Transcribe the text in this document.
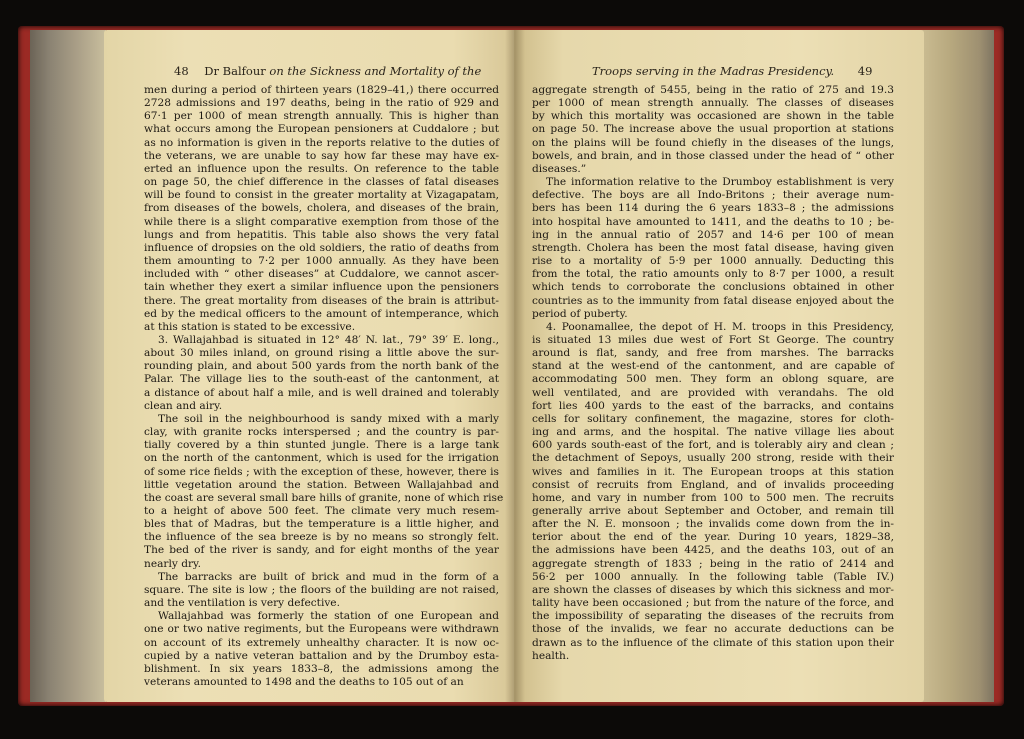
48 Dr Balfour on the Sickness and Mortality of the
men during a period of thirteen years (1829–41,) there occurred
2728 admissions and 197 deaths, being in the ratio of 929 and
67·1 per 1000 of mean strength annually. This is higher than
what occurs among the European pensioners at Cuddalore ; but
as no information is given in the reports relative to the duties of
the veterans, we are unable to say how far these may have ex-
erted an influence upon the results. On reference to the table
on page 50, the chief difference in the classes of fatal diseases
will be found to consist in the greater mortality at Vizagapatam,
from diseases of the bowels, cholera, and diseases of the brain,
while there is a slight comparative exemption from those of the
lungs and from hepatitis. This table also shows the very fatal
influence of dropsies on the old soldiers, the ratio of deaths from
them amounting to 7·2 per 1000 annually. As they have been
included with “ other diseases” at Cuddalore, we cannot ascer-
tain whether they exert a similar influence upon the pensioners
there. The great mortality from diseases of the brain is attribut-
ed by the medical officers to the amount of intemperance, which
at this station is stated to be excessive.
3. Wallajahbad is situated in 12° 48′ N. lat., 79° 39′ E. long.,
about 30 miles inland, on ground rising a little above the sur-
rounding plain, and about 500 yards from the north bank of the
Palar. The village lies to the south-east of the cantonment, at
a distance of about half a mile, and is well drained and tolerably
clean and airy.
The soil in the neighbourhood is sandy mixed with a marly
clay, with granite rocks interspersed ; and the country is par-
tially covered by a thin stunted jungle. There is a large tank
on the north of the cantonment, which is used for the irrigation
of some rice fields ; with the exception of these, however, there is
little vegetation around the station. Between Wallajahbad and
the coast are several small bare hills of granite, none of which rise
to a height of above 500 feet. The climate very much resem-
bles that of Madras, but the temperature is a little higher, and
the influence of the sea breeze is by no means so strongly felt.
The bed of the river is sandy, and for eight months of the year
nearly dry.
The barracks are built of brick and mud in the form of a
square. The site is low ; the floors of the building are not raised,
and the ventilation is very defective.
Wallajahbad was formerly the station of one European and
one or two native regiments, but the Europeans were withdrawn
on account of its extremely unhealthy character. It is now oc-
cupied by a native veteran battalion and by the Drumboy esta-
blishment. In six years 1833–8, the admissions among the
veterans amounted to 1498 and the deaths to 105 out of an
Troops serving in the Madras Presidency. 49
aggregate strength of 5455, being in the ratio of 275 and 19.3
per 1000 of mean strength annually. The classes of diseases
by which this mortality was occasioned are shown in the table
on page 50. The increase above the usual proportion at stations
on the plains will be found chiefly in the diseases of the lungs,
bowels, and brain, and in those classed under the head of “ other
diseases.”
The information relative to the Drumboy establishment is very
defective. The boys are all Indo-Britons ; their average num-
bers has been 114 during the 6 years 1833–8 ; the admissions
into hospital have amounted to 1411, and the deaths to 10 ; be-
ing in the annual ratio of 2057 and 14·6 per 100 of mean
strength. Cholera has been the most fatal disease, having given
rise to a mortality of 5·9 per 1000 annually. Deducting this
from the total, the ratio amounts only to 8·7 per 1000, a result
which tends to corroborate the conclusions obtained in other
countries as to the immunity from fatal disease enjoyed about the
period of puberty.
4. Poonamallee, the depot of H. M. troops in this Presidency,
is situated 13 miles due west of Fort St George. The country
around is flat, sandy, and free from marshes. The barracks
stand at the west-end of the cantonment, and are capable of
accommodating 500 men. They form an oblong square, are
well ventilated, and are provided with verandahs. The old
fort lies 400 yards to the east of the barracks, and contains
cells for solitary confinement, the magazine, stores for cloth-
ing and arms, and the hospital. The native village lies about
600 yards south-east of the fort, and is tolerably airy and clean ;
the detachment of Sepoys, usually 200 strong, reside with their
wives and families in it. The European troops at this station
consist of recruits from England, and of invalids proceeding
home, and vary in number from 100 to 500 men. The recruits
generally arrive about September and October, and remain till
after the N. E. monsoon ; the invalids come down from the in-
terior about the end of the year. During 10 years, 1829–38,
the admissions have been 4425, and the deaths 103, out of an
aggregate strength of 1833 ; being in the ratio of 2414 and
56·2 per 1000 annually. In the following table (Table IV.)
are shown the classes of diseases by which this sickness and mor-
tality have been occasioned ; but from the nature of the force, and
the impossibility of separating the diseases of the recruits from
those of the invalids, we fear no accurate deductions can be
drawn as to the influence of the climate of this station upon their
health.
